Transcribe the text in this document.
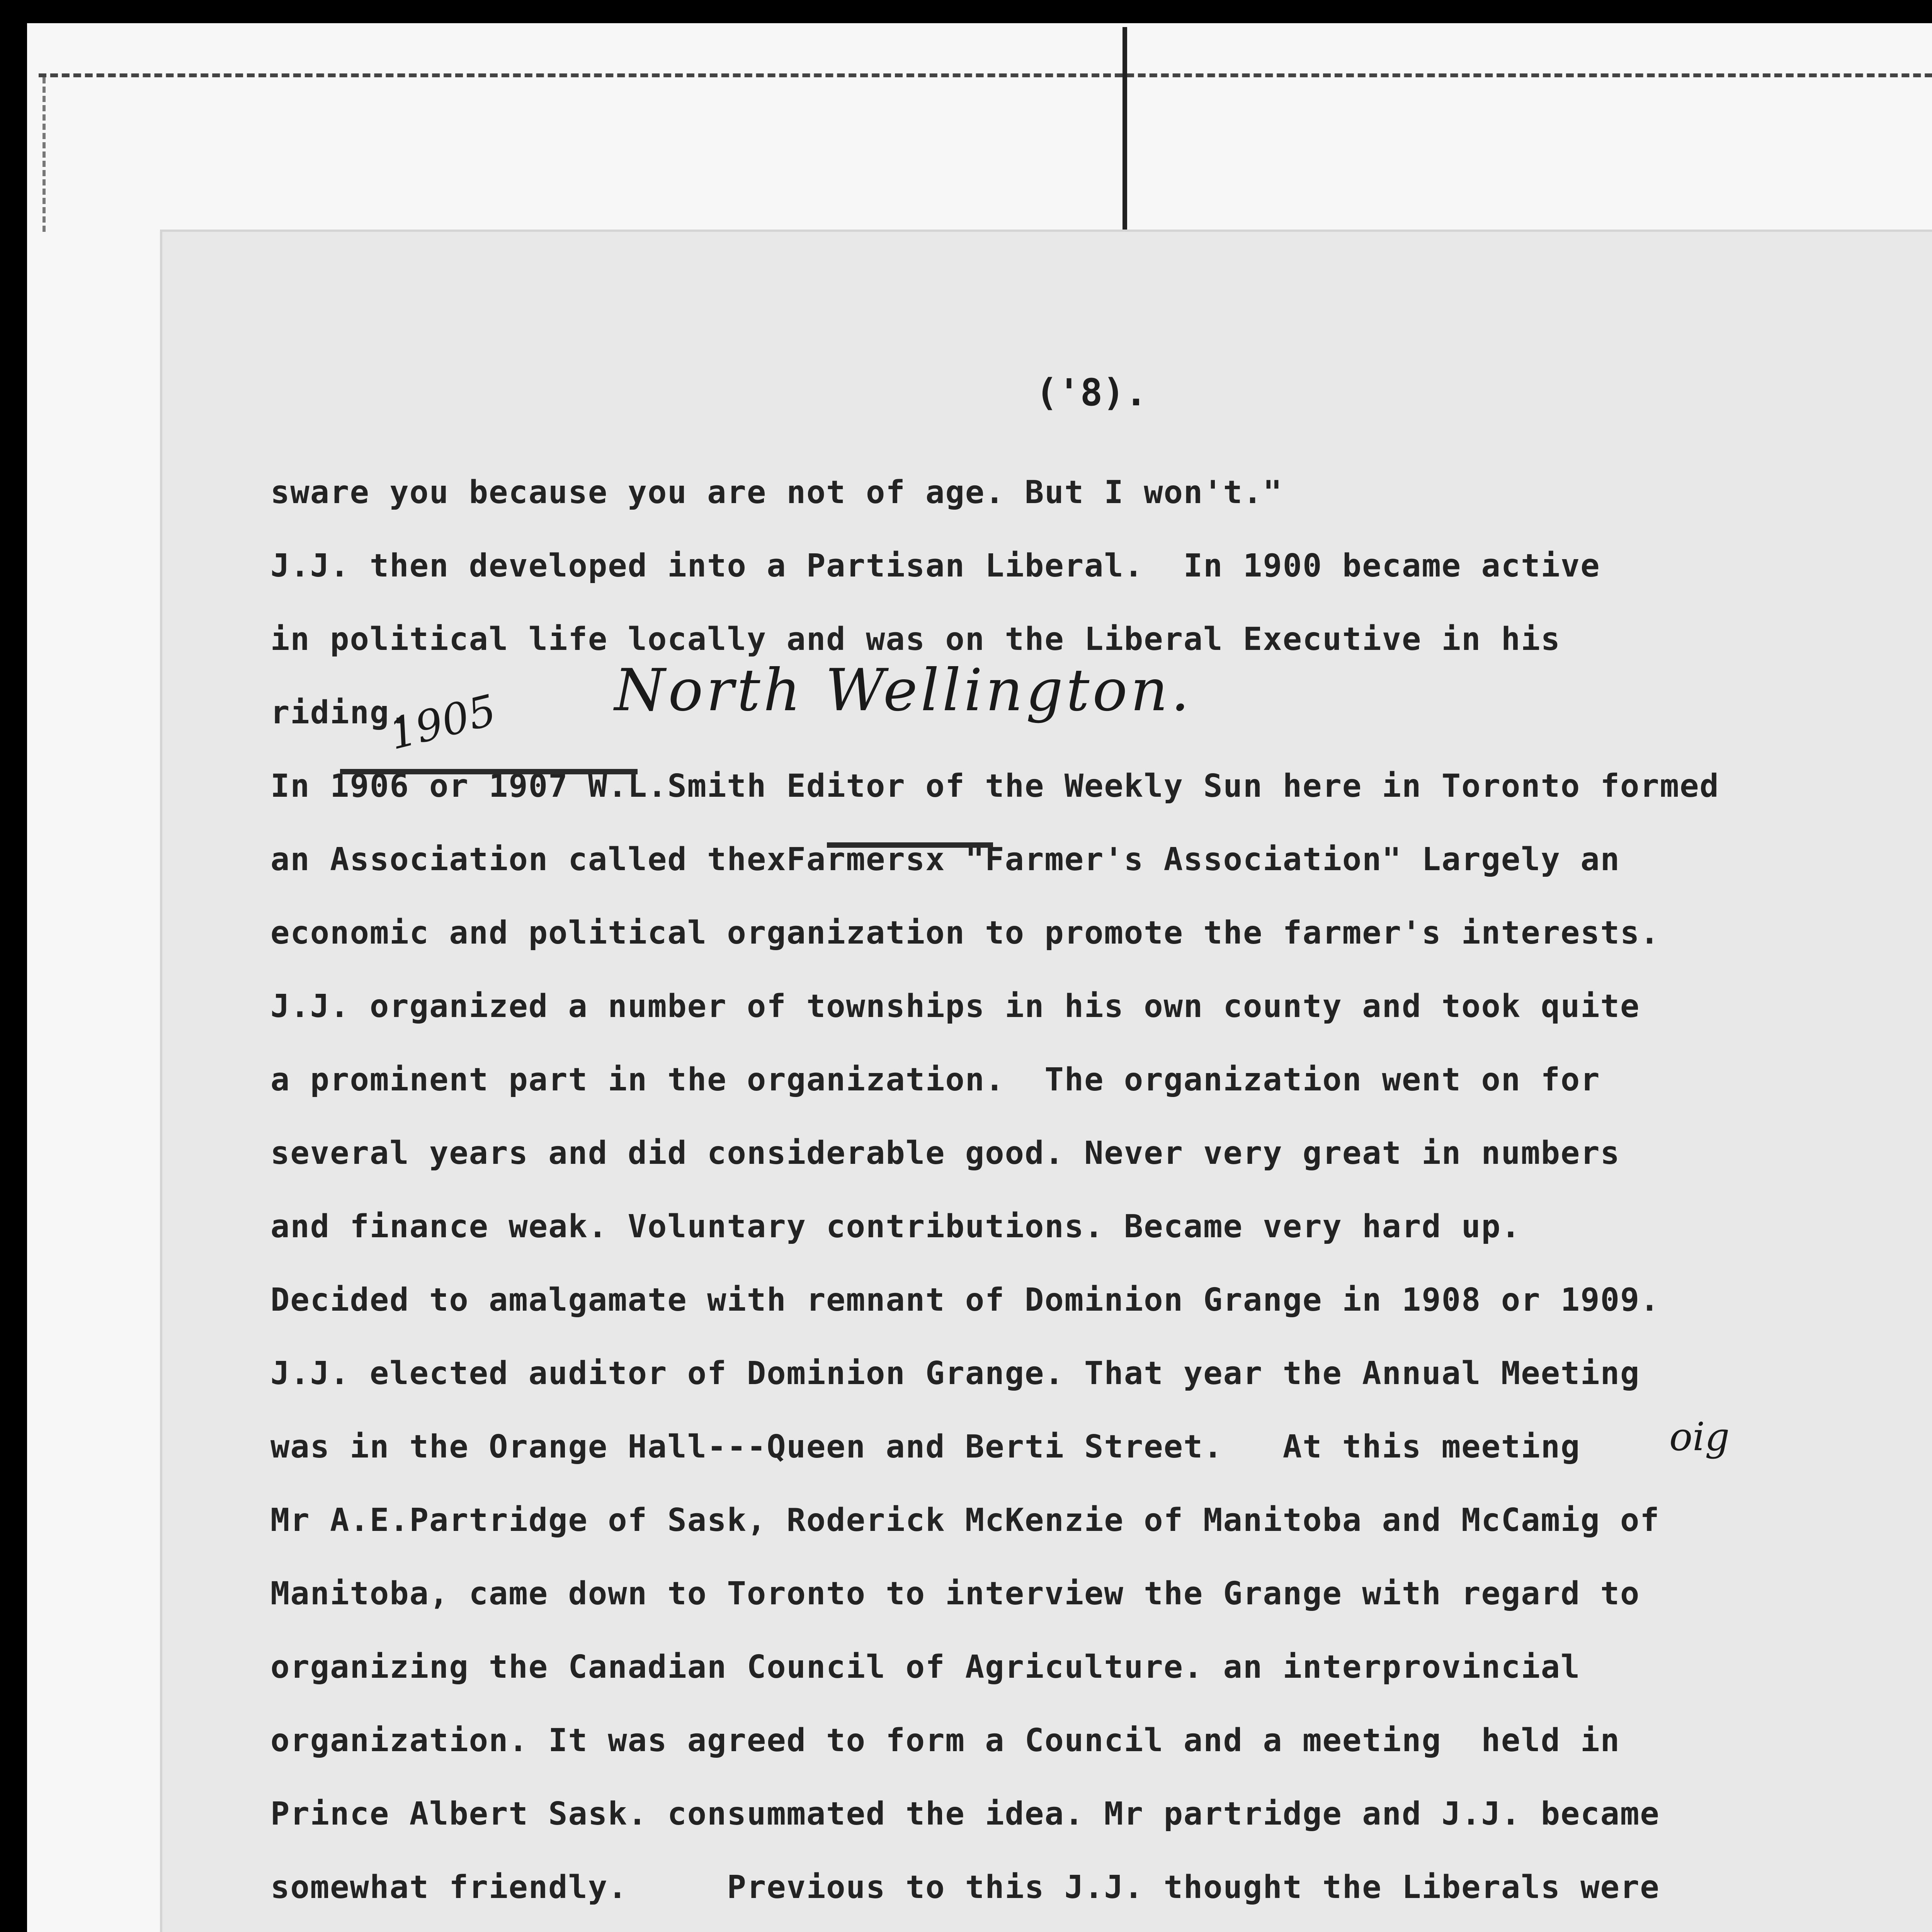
('8).
sware you because you are not of age. But I won't."
J.J. then developed into a Partisan Liberal.  In 1900 became active
in political life locally and was on the Liberal Executive in his
riding.
In 1906 or 1907 W.L.Smith Editor of the Weekly Sun here in Toronto formed
an Association called thexFarmersx "Farmer's Association" Largely an
economic and political organization to promote the farmer's interests.
J.J. organized a number of townships in his own county and took quite
a prominent part in the organization.  The organization went on for
several years and did considerable good. Never very great in numbers
and finance weak. Voluntary contributions. Became very hard up.
Decided to amalgamate with remnant of Dominion Grange in 1908 or 1909.
J.J. elected auditor of Dominion Grange. That year the Annual Meeting
was in the Orange Hall---Queen and Berti Street.   At this meeting
Mr A.E.Partridge of Sask, Roderick McKenzie of Manitoba and McCamig of
Manitoba, came down to Toronto to interview the Grange with regard to
organizing the Canadian Council of Agriculture. an interprovincial
organization. It was agreed to form a Council and a meeting  held in
Prince Albert Sask. consummated the idea. Mr partridge and J.J. became
somewhat friendly.     Previous to this J.J. thought the Liberals were
1905 North Wellington.
oig
